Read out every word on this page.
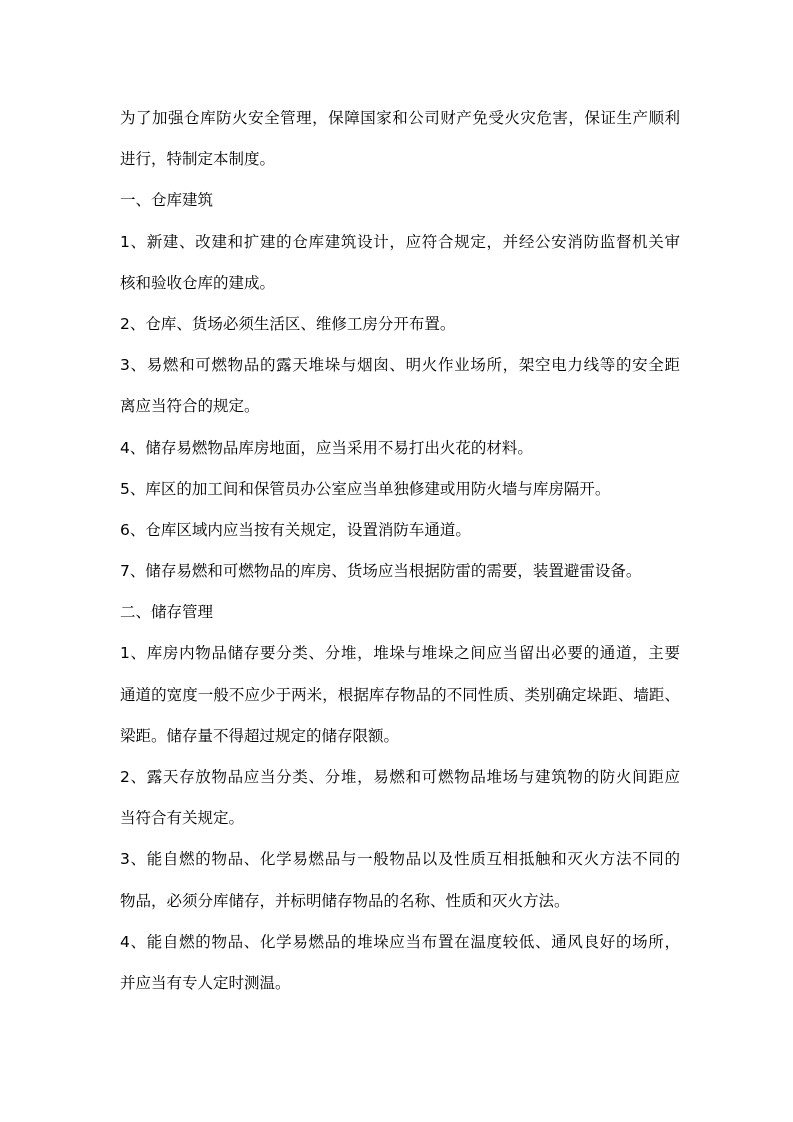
为了加强仓库防火安全管理，保障国家和公司财产免受火灾危害，保证生产顺利
进行，特制定本制度。
一、仓库建筑
1、新建、改建和扩建的仓库建筑设计，应符合规定，并经公安消防监督机关审
核和验收仓库的建成。
2、仓库、货场必须生活区、维修工房分开布置。
3、易燃和可燃物品的露天堆垛与烟囱、明火作业场所，架空电力线等的安全距
离应当符合的规定。
4、储存易燃物品库房地面，应当采用不易打出火花的材料。
5、库区的加工间和保管员办公室应当单独修建或用防火墙与库房隔开。
6、仓库区域内应当按有关规定，设置消防车通道。
7、储存易燃和可燃物品的库房、货场应当根据防雷的需要，装置避雷设备。
二、储存管理
1、库房内物品储存要分类、分堆，堆垛与堆垛之间应当留出必要的通道，主要
通道的宽度一般不应少于两米，根据库存物品的不同性质、类别确定垛距、墙距、
梁距。储存量不得超过规定的储存限额。
2、露天存放物品应当分类、分堆，易燃和可燃物品堆场与建筑物的防火间距应
当符合有关规定。
3、能自燃的物品、化学易燃品与一般物品以及性质互相抵触和灭火方法不同的
物品，必须分库储存，并标明储存物品的名称、性质和灭火方法。
4、能自燃的物品、化学易燃品的堆垛应当布置在温度较低、通风良好的场所，
并应当有专人定时测温。
